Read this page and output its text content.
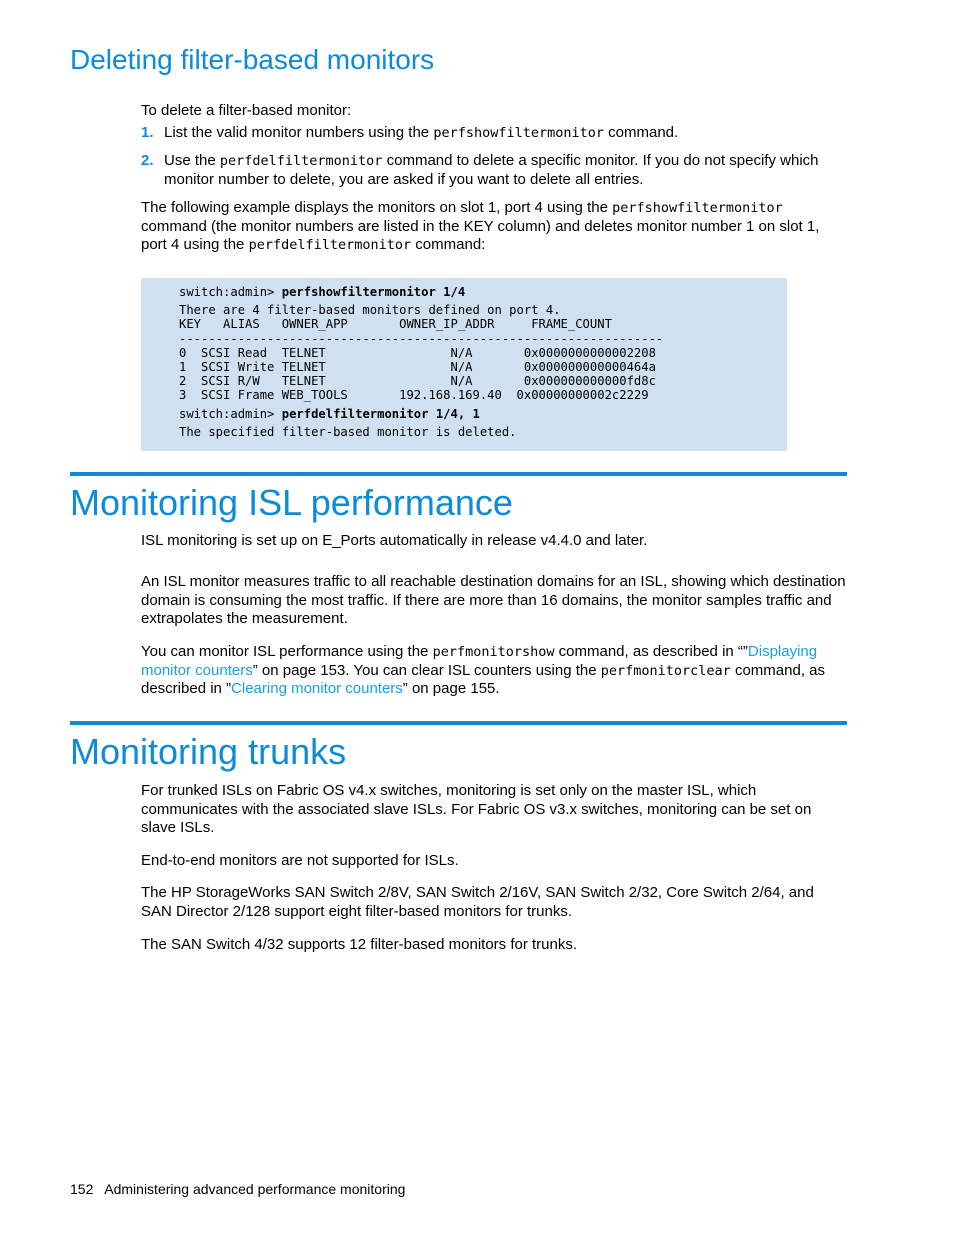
Deleting filter-based monitors

To delete a filter-based monitor:

1. List the valid monitor numbers using the perfshowfiltermonitor command.
2. Use the perfdelfiltermonitor command to delete a specific monitor. If you do not specify which monitor number to delete, you are asked if you want to delete all entries.

The following example displays the monitors on slot 1, port 4 using the perfshowfiltermonitor command (the monitor numbers are listed in the KEY column) and deletes monitor number 1 on slot 1, port 4 using the perfdelfiltermonitor command:

switch:admin> perfshowfiltermonitor 1/4
There are 4 filter-based monitors defined on port 4.
KEY   ALIAS   OWNER_APP       OWNER_IP_ADDR     FRAME_COUNT
------------------------------------------------------------------
0  SCSI Read  TELNET                 N/A       0x0000000000002208
1  SCSI Write TELNET                 N/A       0x000000000000464a
2  SCSI R/W   TELNET                 N/A       0x000000000000fd8c
3  SCSI Frame WEB_TOOLS       192.168.169.40  0x00000000002c2229
switch:admin> perfdelfiltermonitor 1/4, 1
The specified filter-based monitor is deleted.
Monitoring ISL performance

ISL monitoring is set up on E_Ports automatically in release v4.4.0 and later.

An ISL monitor measures traffic to all reachable destination domains for an ISL, showing which destination domain is consuming the most traffic. If there are more than 16 domains, the monitor samples traffic and extrapolates the measurement.

You can monitor ISL performance using the perfmonitorshow command, as described in “”Displaying monitor counters” on page 153. You can clear ISL counters using the perfmonitorclear command, as described in ”Clearing monitor counters” on page 155.

Monitoring trunks

For trunked ISLs on Fabric OS v4.x switches, monitoring is set only on the master ISL, which communicates with the associated slave ISLs. For Fabric OS v3.x switches, monitoring can be set on slave ISLs.

End-to-end monitors are not supported for ISLs.

The HP StorageWorks SAN Switch 2/8V, SAN Switch 2/16V, SAN Switch 2/32, Core Switch 2/64, and SAN Director 2/128 support eight filter-based monitors for trunks.

The SAN Switch 4/32 supports 12 filter-based monitors for trunks.

152 Administering advanced performance monitoring
